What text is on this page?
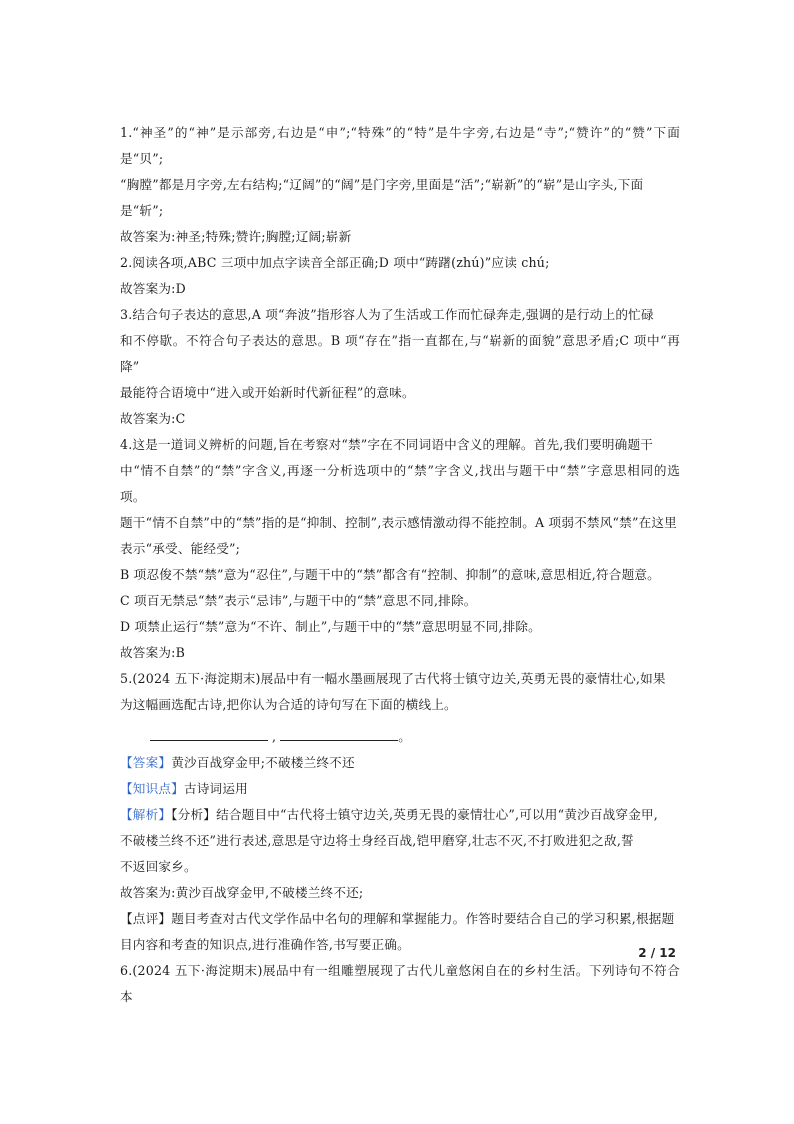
1.“神圣”的“神”是示部旁,右边是“申”;“特殊”的“特”是牛字旁,右边是“寺”;“赞许”的“赞”下面是“贝”;

“胸膛”都是月字旁,左右结构;“辽阔”的“阔”是门字旁,里面是“活”;“崭新”的“崭”是山字头,下面

是“斩”;

故答案为:神圣;特殊;赞许;胸膛;辽阔;崭新

2.阅读各项,ABC 三项中加点字读音全部正确;D 项中“踌躇(zhú)”应读 chú;

故答案为:D

3.结合句子表达的意思,A 项“奔波”指形容人为了生活或工作而忙碌奔走,强调的是行动上的忙碌

和不停歇。不符合句子表达的意思。B 项“存在”指一直都在,与“崭新的面貌”意思矛盾;C 项中“再降”

最能符合语境中“进入或开始新时代新征程”的意味。

故答案为:C

4.这是一道词义辨析的问题,旨在考察对“禁”字在不同词语中含义的理解。首先,我们要明确题干

中“情不自禁”的“禁”字含义,再逐一分析选项中的“禁”字含义,找出与题干中“禁”字意思相同的选项。

题干“情不自禁”中的“禁”指的是“抑制、控制”,表示感情激动得不能控制。A 项弱不禁风“禁”在这里

表示“承受、能经受”;

B 项忍俊不禁“禁”意为“忍住”,与题干中的“禁”都含有“控制、抑制”的意味,意思相近,符合题意。

C 项百无禁忌“禁”表示“忌讳”,与题干中的“禁”意思不同,排除。

D 项禁止运行“禁”意为“不许、制止”,与题干中的“禁”意思明显不同,排除。

故答案为:B

5.(2024 五下·海淀期末)展品中有一幅水墨画展现了古代将士镇守边关,英勇无畏的豪情壮心,如果

为这幅画选配古诗,把你认为合适的诗句写在下面的横线上。

,	。

【答案】黄沙百战穿金甲;不破楼兰终不还

【知识点】古诗词运用

【解析】【分析】结合题目中“古代将士镇守边关,英勇无畏的豪情壮心”,可以用“黄沙百战穿金甲,

不破楼兰终不还”进行表述,意思是守边将士身经百战,铠甲磨穿,壮志不灭,不打败进犯之敌,誓

不返回家乡。

故答案为:黄沙百战穿金甲,不破楼兰终不还;

【点评】题目考查对古代文学作品中名句的理解和掌握能力。作答时要结合自己的学习积累,根据题

目内容和考查的知识点,进行准确作答,书写要正确。

6.(2024 五下·海淀期末)展品中有一组雕塑展现了古代儿童悠闲自在的乡村生活。下列诗句不符合本

2 / 12
